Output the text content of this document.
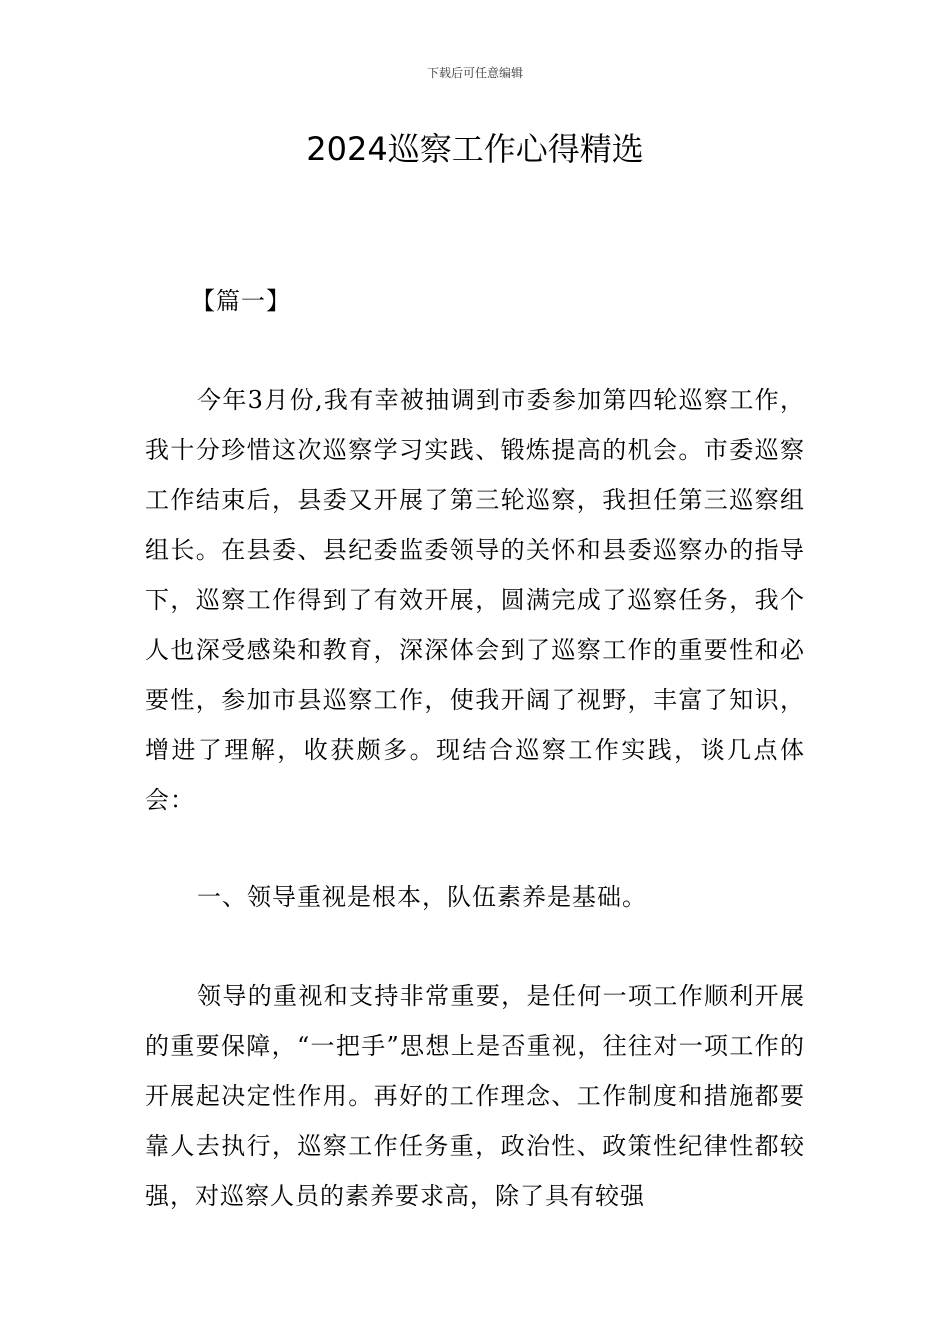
下载后可任意编辑
2024巡察工作心得精选

【篇一】

今年3月份,我有幸被抽调到市委参加第四轮巡察工作，我十分珍惜这次巡察学习实践、锻炼提高的机会。市委巡察工作结束后，县委又开展了第三轮巡察，我担任第三巡察组组长。在县委、县纪委监委领导的关怀和县委巡察办的指导下，巡察工作得到了有效开展，圆满完成了巡察任务，我个人也深受感染和教育，深深体会到了巡察工作的重要性和必要性，参加市县巡察工作，使我开阔了视野，丰富了知识，增进了理解，收获颇多。现结合巡察工作实践，谈几点体会：

一、领导重视是根本，队伍素养是基础。

领导的重视和支持非常重要，是任何一项工作顺利开展的重要保障，“一把手”思想上是否重视，往往对一项工作的开展起决定性作用。再好的工作理念、工作制度和措施都要靠人去执行，巡察工作任务重，政治性、政策性纪律性都较强，对巡察人员的素养要求高，除了具有较强
